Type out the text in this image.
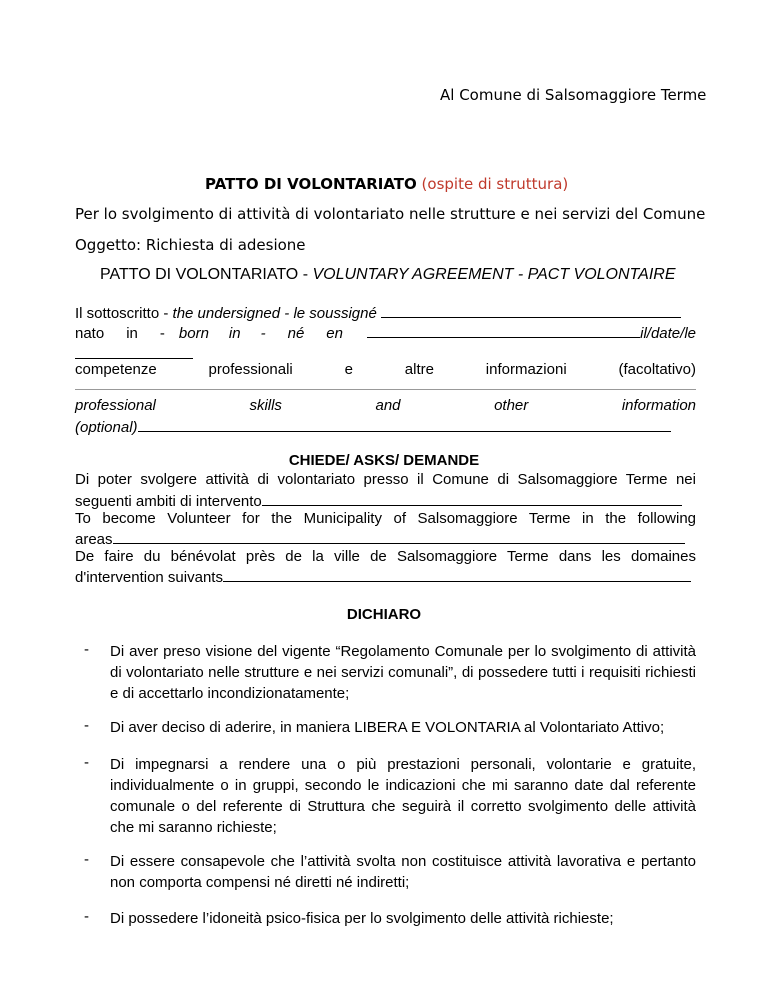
Al Comune di Salsomaggiore Terme
PATTO DI VOLONTARIATO (ospite di struttura)
Per lo svolgimento di attività di volontariato nelle strutture e nei servizi del Comune
Oggetto: Richiesta di adesione
PATTO DI VOLONTARIATO - VOLUNTARY AGREEMENT - PACT VOLONTAIRE
Il sottoscritto - the undersigned - le soussigné
nato in - born in - né en	il/date/le
competenze	professionali	e	altre	informazioni	(facoltativo)
professional	skills	and	other	information
(optional)
CHIEDE/ ASKS/ DEMANDE
Di poter svolgere attività di volontariato presso il Comune di Salsomaggiore Terme nei
seguenti ambiti di intervento
To become Volunteer for the Municipality of Salsomaggiore Terme in the following
areas
De faire du bénévolat près de la ville de Salsomaggiore Terme dans les domaines
d'intervention suivants
DICHIARO
- Di aver preso visione del vigente “Regolamento Comunale per lo svolgimento di attività di volontariato nelle strutture e nei servizi comunali”, di possedere tutti i requisiti richiesti e di accettarlo incondizionatamente;
- Di aver deciso di aderire, in maniera LIBERA E VOLONTARIA al Volontariato Attivo;
- Di impegnarsi a rendere una o più prestazioni personali, volontarie e gratuite, individualmente o in gruppi, secondo le indicazioni che mi saranno date dal referente comunale o del referente di Struttura che seguirà il corretto svolgimento delle attività che mi saranno richieste;
- Di essere consapevole che l’attività svolta non costituisce attività lavorativa e pertanto non comporta compensi né diretti né indiretti;
- Di possedere l’idoneità psico-fisica per lo svolgimento delle attività richieste;
